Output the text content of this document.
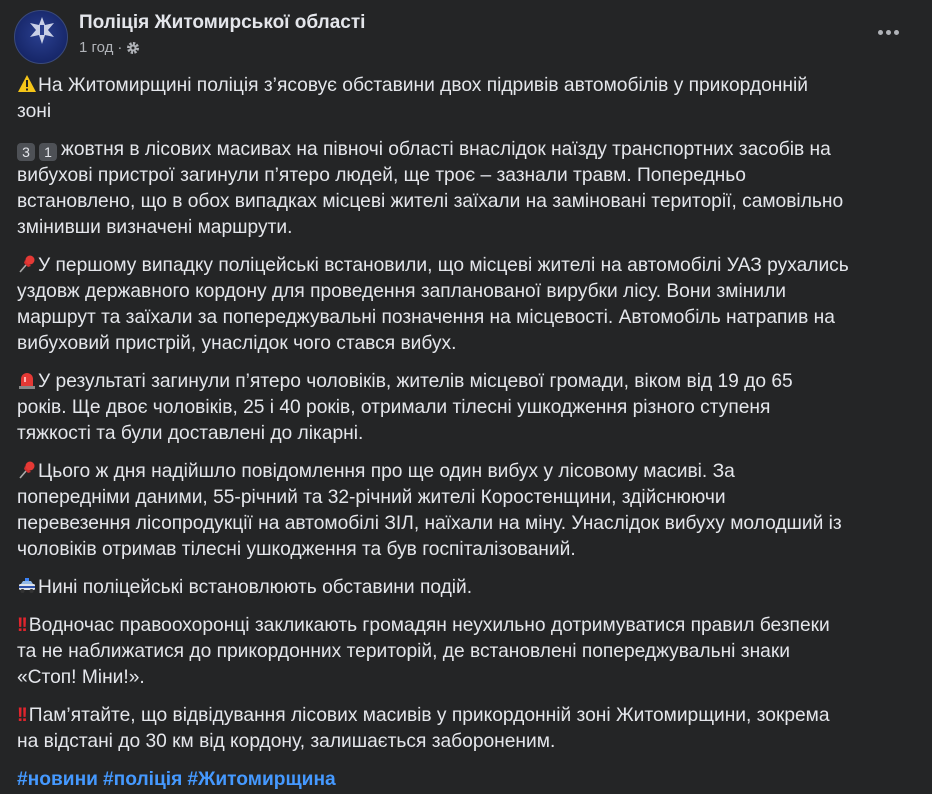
Поліція Житомирської області
1 год ·
На Житомирщині поліція з’ясовує обставини двох підривів автомобілів у прикордонній
зоні
3 1 жовтня в лісових масивах на півночі області внаслідок наїзду транспортних засобів на
вибухові пристрої загинули п’ятеро людей, ще троє – зазнали травм. Попередньо
встановлено, що в обох випадках місцеві жителі заїхали на заміновані території, самовільно
змінивши визначені маршрути.
У першому випадку поліцейські встановили, що місцеві жителі на автомобілі УАЗ рухались
уздовж державного кордону для проведення запланованої вирубки лісу. Вони змінили
маршрут та заїхали за попереджувальні позначення на місцевості. Автомобіль натрапив на
вибуховий пристрій, унаслідок чого стався вибух.
У результаті загинули п’ятеро чоловіків, жителів місцевої громади, віком від 19 до 65
років. Ще двоє чоловіків, 25 і 40 років, отримали тілесні ушкодження різного ступеня
тяжкості та були доставлені до лікарні.
Цього ж дня надійшло повідомлення про ще один вибух у лісовому масиві. За
попередніми даними, 55-річний та 32-річний жителі Коростенщини, здійснюючи
перевезення лісопродукції на автомобілі ЗІЛ, наїхали на міну. Унаслідок вибуху молодший із
чоловіків отримав тілесні ушкодження та був госпіталізований.
Нині поліцейські встановлюють обставини подій.
!! Водночас правоохоронці закликають громадян неухильно дотримуватися правил безпеки
та не наближатися до прикордонних територій, де встановлені попереджувальні знаки
«Стоп! Міни!».
!! Пам’ятайте, що відвідування лісових масивів у прикордонній зоні Житомирщини, зокрема
на відстані до 30 км від кордону, залишається забороненим.
#новини #поліція #Житомирщина
